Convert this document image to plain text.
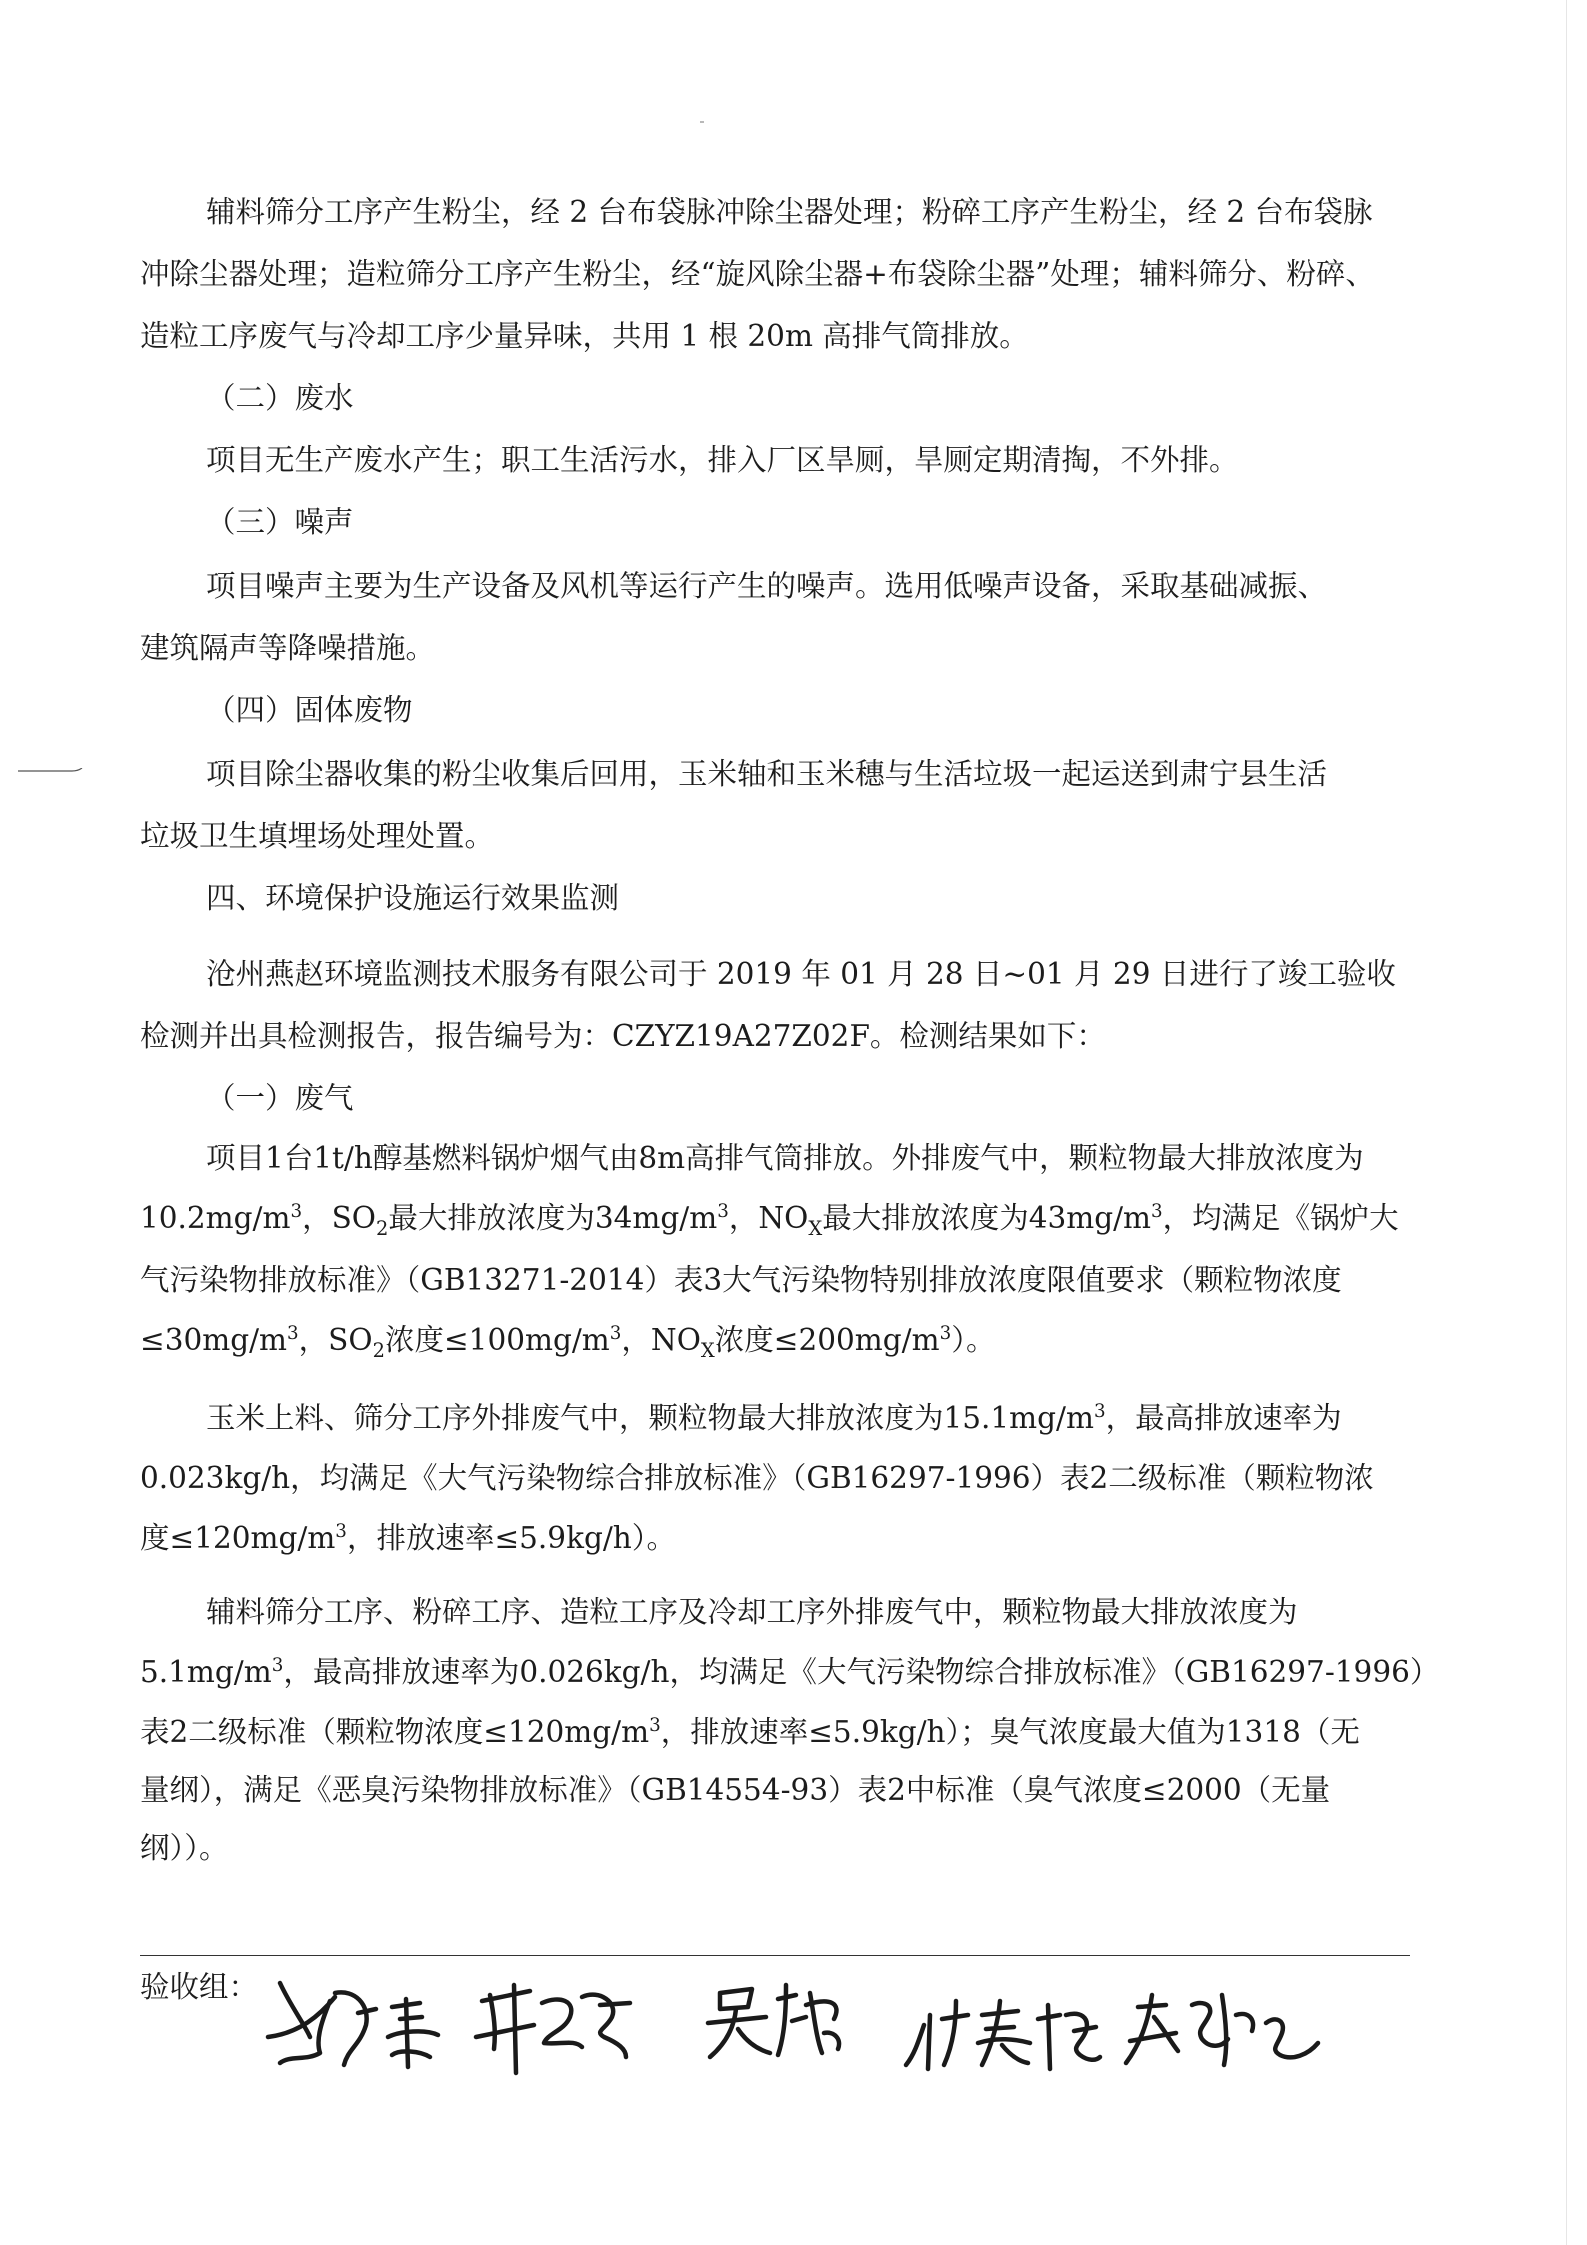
辅料筛分工序产生粉尘，经 2 台布袋脉冲除尘器处理；粉碎工序产生粉尘，经 2 台布袋脉

冲除尘器处理；造粒筛分工序产生粉尘，经“旋风除尘器+布袋除尘器”处理；辅料筛分、粉碎、

造粒工序废气与冷却工序少量异味，共用 1 根 20m 高排气筒排放。

（二）废水

项目无生产废水产生；职工生活污水，排入厂区旱厕，旱厕定期清掏，不外排。

（三）噪声

项目噪声主要为生产设备及风机等运行产生的噪声。选用低噪声设备，采取基础减振、

建筑隔声等降噪措施。

（四）固体废物

项目除尘器收集的粉尘收集后回用，玉米轴和玉米穗与生活垃圾一起运送到肃宁县生活

垃圾卫生填埋场处理处置。

四、环境保护设施运行效果监测

沧州燕赵环境监测技术服务有限公司于 2019 年 01 月 28 日~01 月 29 日进行了竣工验收

检测并出具检测报告，报告编号为：CZYZ19A27Z02F。检测结果如下：

（一）废气

项目1台1t/h醇基燃料锅炉烟气由8m高排气筒排放。外排废气中，颗粒物最大排放浓度为

$10.2mg/m^3$，$SO_2$最大排放浓度为$34mg/m^3$，$NO_X$最大排放浓度为$43mg/m^3$，均满足《锅炉大

气污染物排放标准》（GB13271-2014）表3大气污染物特别排放浓度限值要求（颗粒物浓度

$\le 30mg/m^3$，$SO_2$浓度$\le 100mg/m^3$，$NO_X$浓度$\le 200mg/m^3$）。

玉米上料、筛分工序外排废气中，颗粒物最大排放浓度为$15.1mg/m^3$，最高排放速率为

0.023kg/h，均满足《大气污染物综合排放标准》（GB16297-1996）表2二级标准（颗粒物浓

度$\le 120mg/m^3$，排放速率≤5.9kg/h）。

辅料筛分工序、粉碎工序、造粒工序及冷却工序外排废气中，颗粒物最大排放浓度为

$5.1mg/m^3$，最高排放速率为0.026kg/h，均满足《大气污染物综合排放标准》（GB16297-1996）

表2二级标准（颗粒物浓度$\le 120mg/m^3$，排放速率≤5.9kg/h）；臭气浓度最大值为1318（无

量纲），满足《恶臭污染物排放标准》（GB14554-93）表2中标准（臭气浓度≤2000（无量

纲））。

验收组：
